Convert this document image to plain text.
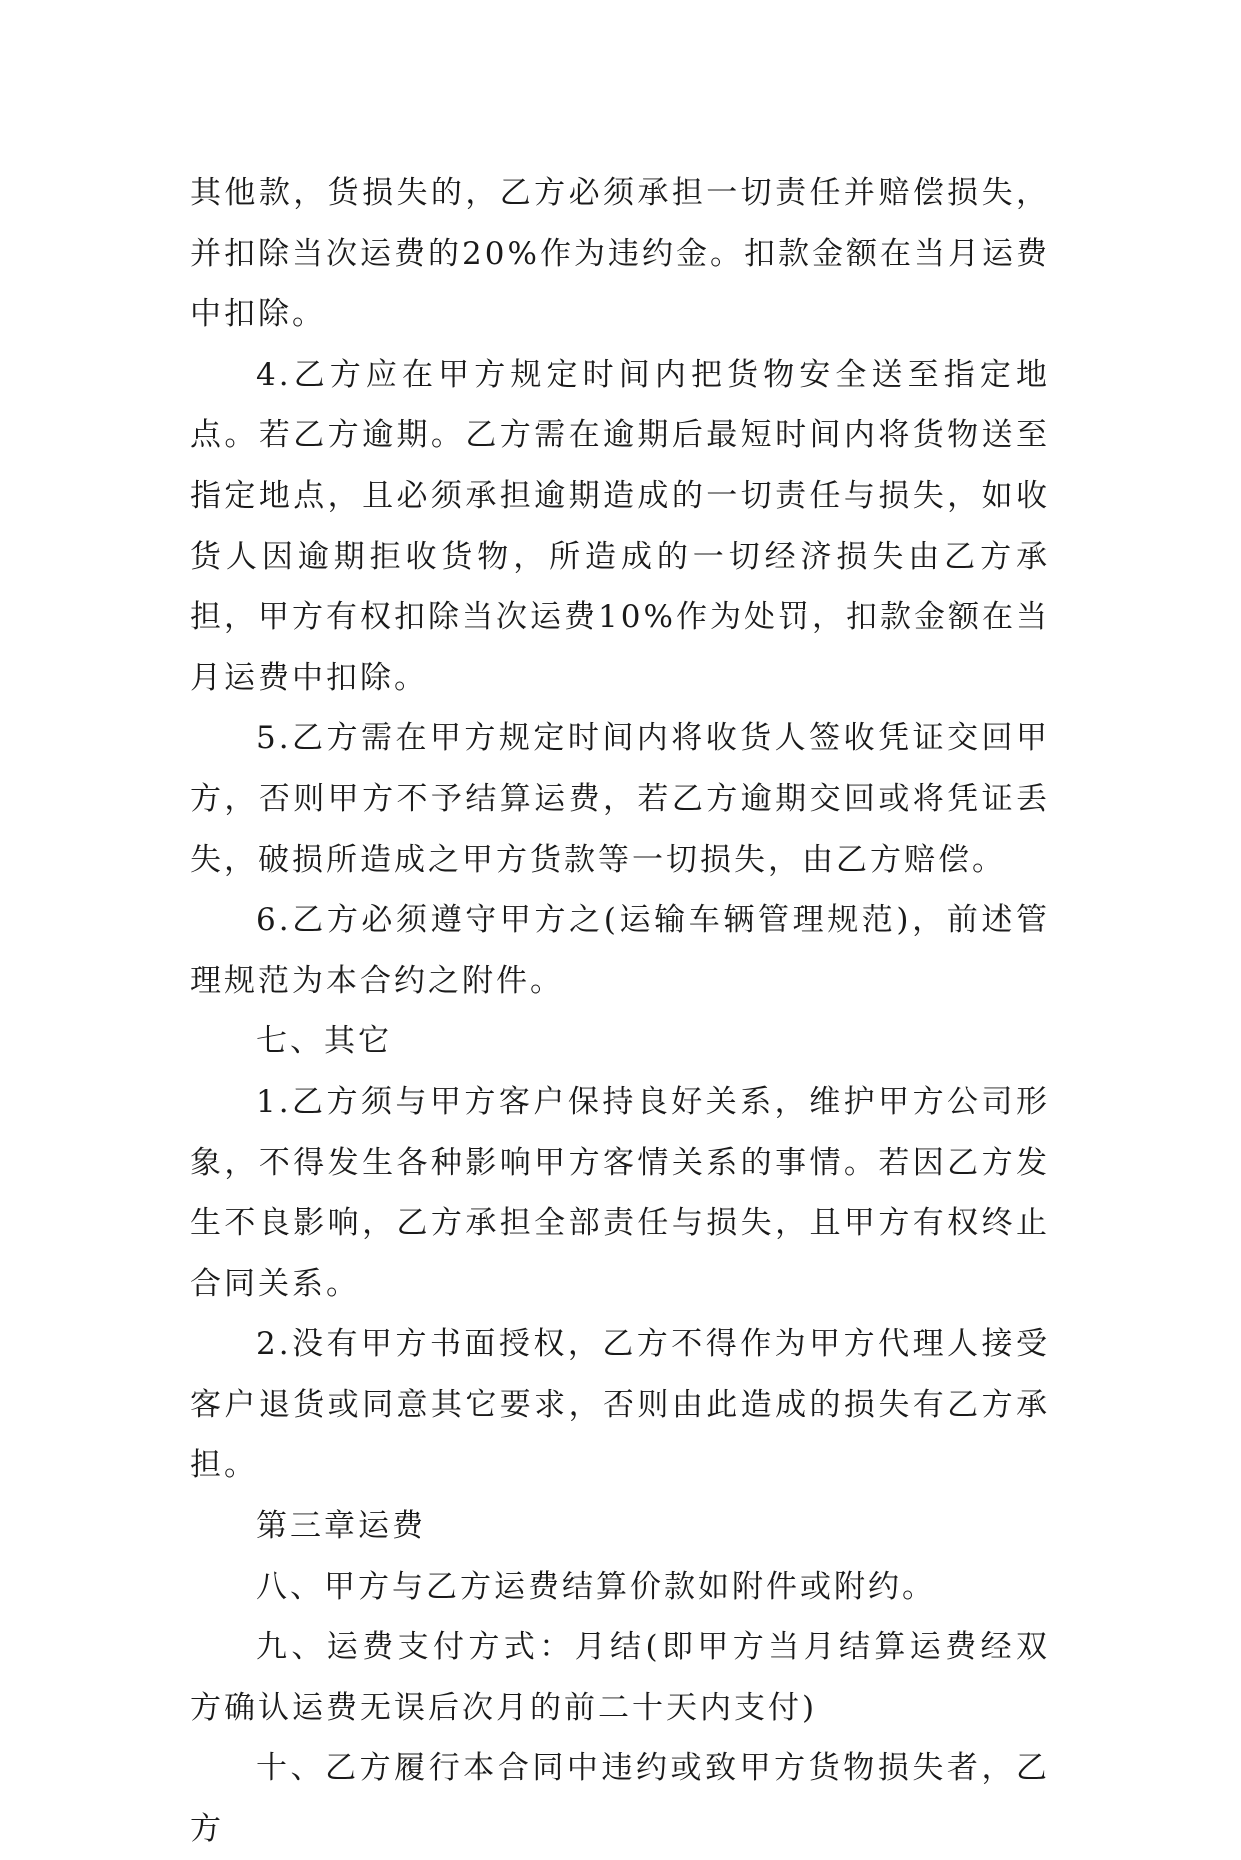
其他款，货损失的，乙方必须承担一切责任并赔偿损失，并扣除当次运费的20%作为违约金。扣款金额在当月运费中扣除。

4.乙方应在甲方规定时间内把货物安全送至指定地点。若乙方逾期。乙方需在逾期后最短时间内将货物送至指定地点，且必须承担逾期造成的一切责任与损失，如收货人因逾期拒收货物，所造成的一切经济损失由乙方承担，甲方有权扣除当次运费10%作为处罚，扣款金额在当月运费中扣除。

5.乙方需在甲方规定时间内将收货人签收凭证交回甲方，否则甲方不予结算运费，若乙方逾期交回或将凭证丢失，破损所造成之甲方货款等一切损失，由乙方赔偿。

6.乙方必须遵守甲方之(运输车辆管理规范)，前述管理规范为本合约之附件。

七、其它

1.乙方须与甲方客户保持良好关系，维护甲方公司形象，不得发生各种影响甲方客情关系的事情。若因乙方发生不良影响，乙方承担全部责任与损失，且甲方有权终止合同关系。

2.没有甲方书面授权，乙方不得作为甲方代理人接受客户退货或同意其它要求，否则由此造成的损失有乙方承担。

第三章运费

八、甲方与乙方运费结算价款如附件或附约。

九、运费支付方式：月结(即甲方当月结算运费经双方确认运费无误后次月的前二十天内支付)

十、乙方履行本合同中违约或致甲方货物损失者，乙方
